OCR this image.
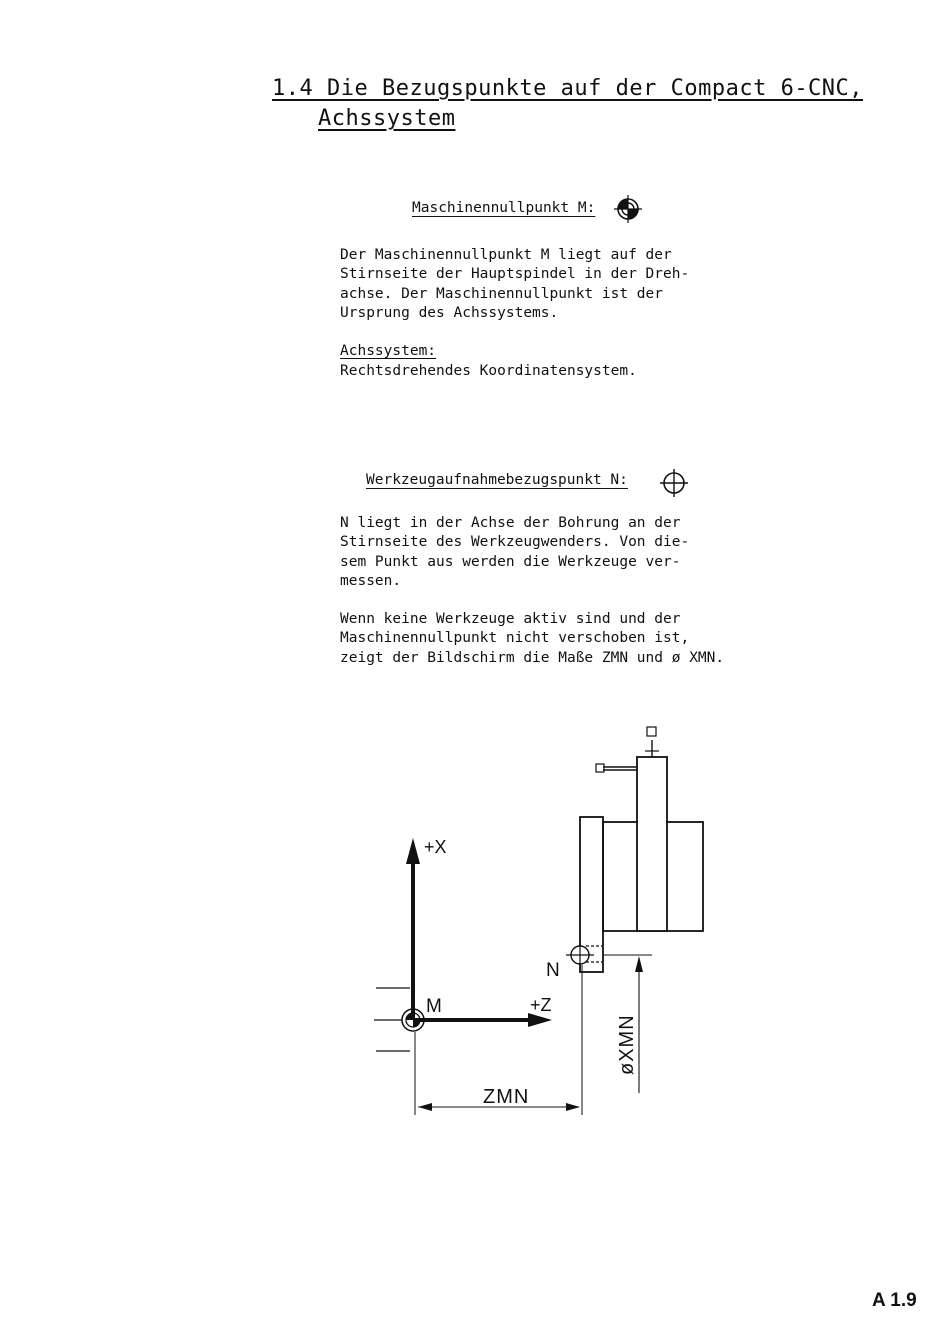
1.4 Die Bezugspunkte auf der Compact 6-CNC,
Achssystem
Maschinennullpunkt M:

Der Maschinennullpunkt M liegt auf der
Stirnseite der Hauptspindel in der Dreh-
achse. Der Maschinennullpunkt ist der
Ursprung des Achssystems.

Achssystem:

Rechtsdrehendes Koordinatensystem.

Werkzeugaufnahmebezugspunkt N:

N liegt in der Achse der Bohrung an der
Stirnseite des Werkzeugwenders. Von die-
sem Punkt aus werden die Werkzeuge ver-
messen.

Wenn keine Werkzeuge aktiv sind und der
Maschinennullpunkt nicht verschoben ist,
zeigt der Bildschirm die Maße ZMN und ø XMN.

+X
+Z
M
N
ZMN
øXMN
A 1.9
